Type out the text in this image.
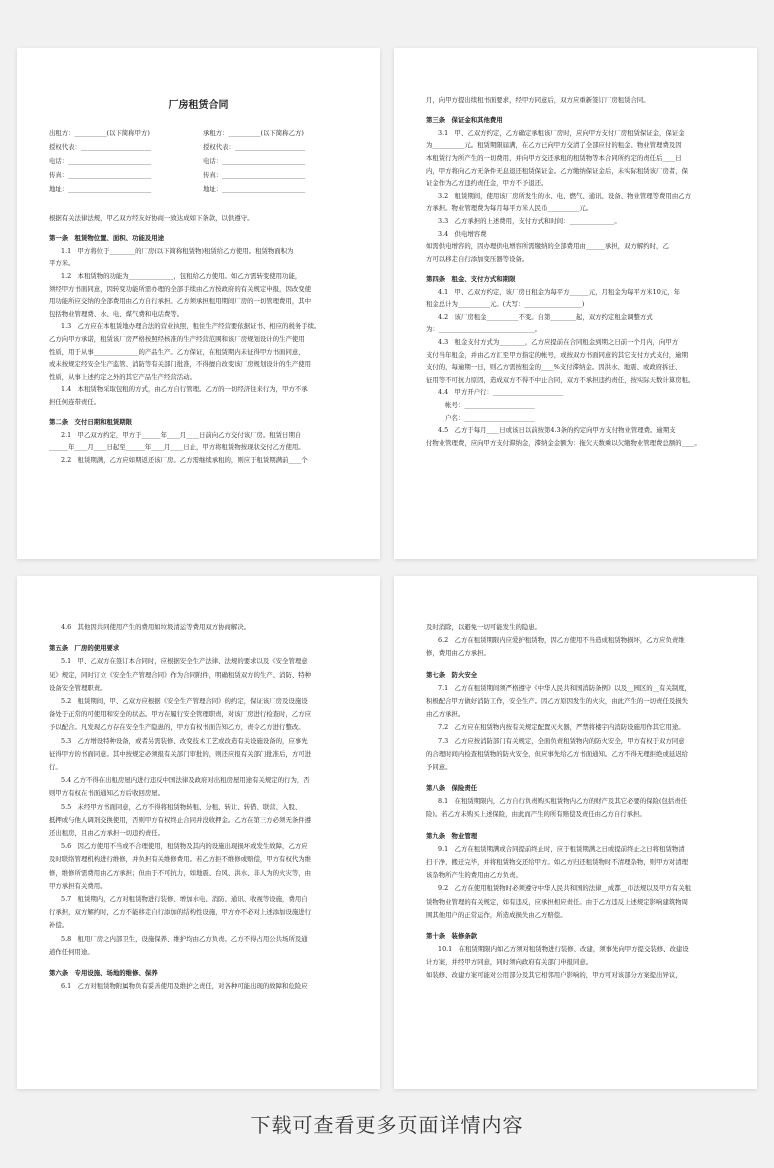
厂房租赁合同
出租方：__________(以下简称甲方)	承租方：__________(以下简称乙方)
授权代表：______________________	授权代表：______________________
电话：__________________________	电话：__________________________
传真：__________________________	传真：__________________________
地址：__________________________	地址：__________________________
根据有关法律法规，甲乙双方经友好协商一致达成如下条款，以供遵守。
第一条　租赁物位置、面积、功能及用途
1.1　甲方将位于________的厂房(以下简称租赁物)租赁给乙方使用。租赁物面积为
平方米。
1.2　本租赁物的功能为______________，包租给乙方使用。如乙方需转变使用功能，
须经甲方书面同意，因转变功能所需办理的全部手续由乙方按政府的有关规定申报，因改变使
用功能所应交纳的全部费用由乙方自行承担。乙方须承担租用期间厂房的一切管理费用，其中
包括物业管理费、水、电、煤气费和电话费等。
1.3　乙方应在本租赁地办理合法的营业执照，租住生产经营要依据证书、相应的税务手续。
乙方向甲方承诺，租赁该厂房严格按照经核准的生产经营范围和该厂房规划设计的生产使用
性质，用于从事______________的产品生产。乙方保证，在租赁期内未征得甲方书面同意，
或未按规定经安全生产监管、消防等有关部门批准，不得擅自改变该厂房规划设计的生产使用
性质，从事上述约定之外的其它产品生产经营活动。
1.4　本租赁物采取包租的方式，由乙方自行管理。乙方的一切经济往来行为，甲方不承
担任何连带责任。
第二条　交付日期和租赁期限
2.1　甲乙双方约定，甲方于______年____月____日前向乙方交付该厂房。租赁日期自
______年____月____日起至______年____月____日止，甲方将租赁物按现状交付乙方使用。
2.2　租赁期满，乙方应如期返还该厂房。乙方需继续承租的，则应于租赁期满前____个
月，向甲方提出续租书面要求，经甲方同意后，双方应重新签订厂房租赁合同。
第三条　保证金和其他费用
3.1　甲、乙双方约定，乙方确定承租该厂房时，应向甲方支付厂房租赁保证金，保证金
为__________元。租赁期限届满，在乙方已向甲方交清了全部应付的租金、物业管理费及因
本租赁行为所产生的一切费用，并向甲方交还承租的租赁物等本合同所约定的责任后____日
内，甲方将向乙方无条件无息退还租赁保证金。乙方缴纳保证金后，未实际租赁该厂房者，保
证金作为乙方违约责任金，甲方不予退还。
3.2　租赁期间，使用该厂房所发生的水、电、燃气、通讯、设备、物业管理等费用由乙方
方承担。物业管理费为每月每平方米人民币__________元。
3.3　乙方承担的上述费用，支付方式和时间：______________。
3.4　供电增容费
如需供电增容的，因办理供电增容所需缴纳的全部费用由______承担，双方解约时，乙
方可以移走自行添加变压器等设备。
第四条　租金、支付方式和期限
4.1　甲、乙双方约定，该厂房日租金为每平方______元，月租金为每平方米10元，年
租金总计为__________元。(大写：__________________)
4.2　该厂房租金__________不变。自第________起，双方约定租金调整方式
为：______________________________。
4.3　租金支付方式为________，乙方应提前在合同租金到期之日前一个月内，向甲方
支付当年租金，并由乙方汇至甲方指定的帐号，或按双方书面同意的其它支付方式支付，逾期
支付的，每逾期一日，则乙方需按租金的____%支付滞纳金。因洪水、地震、或政府拆迁、
征用等不可抗力原因，造成双方不得不中止合同，双方不承担违约责任，按实际天数计算房租。
4.4　甲方开户行：______________________
　　　帐号：______________________
　　　户名：______________________
4.5　乙方于每月____日或该日以前按第4.3条的约定向甲方支付物业管理费。逾期支
付物业管理费，应向甲方支付滞纳金，滞纳金金额为：拖欠天数乘以欠缴物业管理费总额的____。
4.6　其他因共同使用产生的费用如垃圾清运等费用双方协商解决。
第五条　厂房的使用要求
5.1　甲、乙双方在签订本合同时，应根据安全生产法律、法规的要求以及《安全管理意
见》规定，同时订立《安全生产管理合同》作为合同附件，明确租赁双方的生产、消防、特种
设备安全管理职责。
5.2　租赁期间，甲、乙双方应根据《安全生产管理合同》的约定，保证该厂房及设施设
备处于正常的可使用和安全的状态。甲方在履行安全管理职责，对该厂房进行检查时，乙方应
予以配合。凡发现乙方存在安全生产隐患的，甲方有权书面告知乙方，责令乙方进行整改。
5.3　乙方增设特种设备，或者另需装修、改变技术工艺或改造有关设施设备的，应事先
征得甲方的书面同意。其中按规定必须报有关部门审批的，则还应报有关部门批准后，方可进
行。
5.4 乙方不得在出租房屋内进行违反中国法律及政府对出租房屋用途有关规定的行为，否
则甲方有权在书面通知乙方后收回房屋。
5.5　未经甲方书面同意，乙方不得将租赁物转租、分租、转让、转借、联营、入股、
抵押或与他人调剂交换使用，否则甲方有权终止合同并没收押金。乙方在第三方必须无条件遵
还出租房，且由乙方承担一切违约责任。
5.6　因乙方使用不当或不合理使用，租赁物及其内的设施出现损坏或发生故障，乙方应
及时联络管理机构进行维修，并负担有关维修费用。若乙方拒不维修或赔偿，甲方有权代为维
修，维修所需费用由乙方承担；但由于不可抗力，如地震、台风、洪水、非人为的火灾等，由
甲方承担有关费用。
5.7　租赁期内，乙方对租赁物进行装修、增加水电、消防、通讯、收视等设施，费用自
行承担，双方解约时，乙方不能移走自行添加的结构性设施，甲方亦不必对上述添加设施进行
补偿。
5.8　租用厂房之内部卫生，设施保养、维护均由乙方负责。乙方不得占用公共场所及通
道作任何用途。
第六条　专用设施、场地的维修、保养
6.1　乙方对租赁物附属物负有妥善使用及维护之责任，对各种可能出现的故障和危险应
及时消除，以避免一切可能发生的隐患。
6.2　乙方在租赁期限内应爱护租赁物，因乙方使用不当造成租赁物损坏，乙方应负责维
修，费用由乙方承担。
第七条　防火安全
7.1　乙方在租赁期间须严格遵守《中华人民共和国消防条例》以及__园区的__有关制度，
积极配合甲方做好消防工作，安全生产。因乙方原因发生的火灾，由此产生的一切责任及损失
由乙方承担。
7.2　乙方应在租赁物内按有关规定配置灭火器，严禁将楼宇内消防设施用作其它用途。
7.3　乙方应按消防部门有关规定，全面负责租赁物内的防火安全，甲方有权于双方同意
的合理时间内检查租赁物的防火安全，但应事先给乙方书面通知。乙方不得无理拒绝或延迟给
予同意。
第八条　保险责任
8.1　在租赁期限内，乙方自行负责购买租赁物内乙方的财产及其它必要的保险(包括责任
险)。若乙方未购买上述保险，由此而产生的所有赔偿及责任由乙方自行承担。
第九条　物业管理
9.1　乙方在租赁期满或合同提前终止时，应于租赁期满之日或提前终止之日将租赁物清
扫干净，搬迁完毕，并将租赁物交还给甲方。如乙方归还租赁物时不清理杂物，则甲方对清理
该杂物所产生的费用由乙方负责。
9.2　乙方在使用租赁物时必须遵守中华人民共和国的法律__成都__市法规以及甲方有关租
赁物物业管理的有关规定，如有违反，应承担相应责任。由于乙方违反上述规定影响建筑物周
围其他用户的正常运作，所造成损失由乙方赔偿。
第十条　装修条款
10.1　在租赁期限内如乙方须对租赁物进行装修、改建，须事先向甲方提交装修、改建设
计方案，并经甲方同意，同时须向政府有关部门申报同意。
如装修、改建方案可能对公用部分及其它相邻用户影响的，甲方可对该部分方案提出异议，
下载可查看更多页面详情内容
